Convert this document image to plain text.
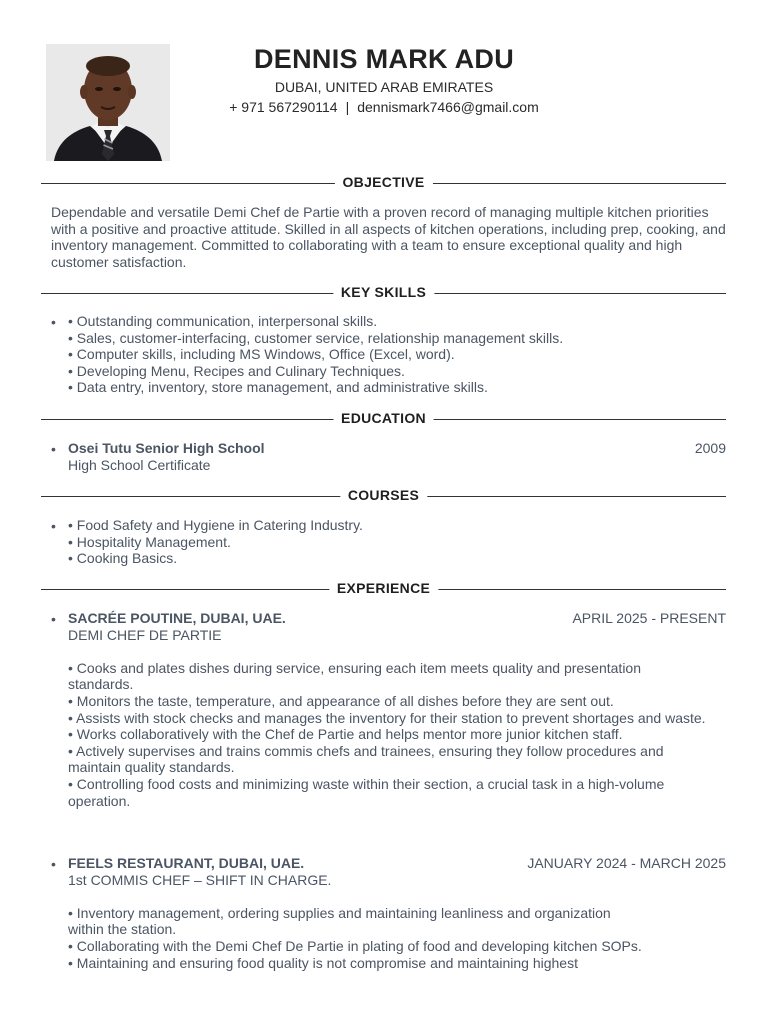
DENNIS MARK ADU
DUBAI, UNITED ARAB EMIRATES
+ 971 567290114 | dennismark7466@gmail.com
OBJECTIVE
Dependable and versatile Demi Chef de Partie with a proven record of managing multiple kitchen priorities with a positive and proactive attitude. Skilled in all aspects of kitchen operations, including prep, cooking, and inventory management. Committed to collaborating with a team to ensure exceptional quality and high customer satisfaction.
KEY SKILLS
• • Outstanding communication, interpersonal skills.
• Sales, customer-interfacing, customer service, relationship management skills.
• Computer skills, including MS Windows, Office (Excel, word).
• Developing Menu, Recipes and Culinary Techniques.
• Data entry, inventory, store management, and administrative skills.
EDUCATION
• Osei Tutu Senior High School
High School Certificate
2009
COURSES
• • Food Safety and Hygiene in Catering Industry.
• Hospitality Management.
• Cooking Basics.
EXPERIENCE
• SACRÉE POUTINE, DUBAI, UAE.
DEMI CHEF DE PARTIE
• Cooks and plates dishes during service, ensuring each item meets quality and presentation standards.
• Monitors the taste, temperature, and appearance of all dishes before they are sent out.
• Assists with stock checks and manages the inventory for their station to prevent shortages and waste.
• Works collaboratively with the Chef de Partie and helps mentor more junior kitchen staff.
• Actively supervises and trains commis chefs and trainees, ensuring they follow procedures and maintain quality standards.
• Controlling food costs and minimizing waste within their section, a crucial task in a high-volume operation.
APRIL 2025 - PRESENT
• FEELS RESTAURANT, DUBAI, UAE.
1st COMMIS CHEF – SHIFT IN CHARGE.
• Inventory management, ordering supplies and maintaining leanliness and organization
within the station.
• Collaborating with the Demi Chef De Partie in plating of food and developing kitchen SOPs.
• Maintaining and ensuring food quality is not compromise and maintaining highest
JANUARY 2024 - MARCH 2025
